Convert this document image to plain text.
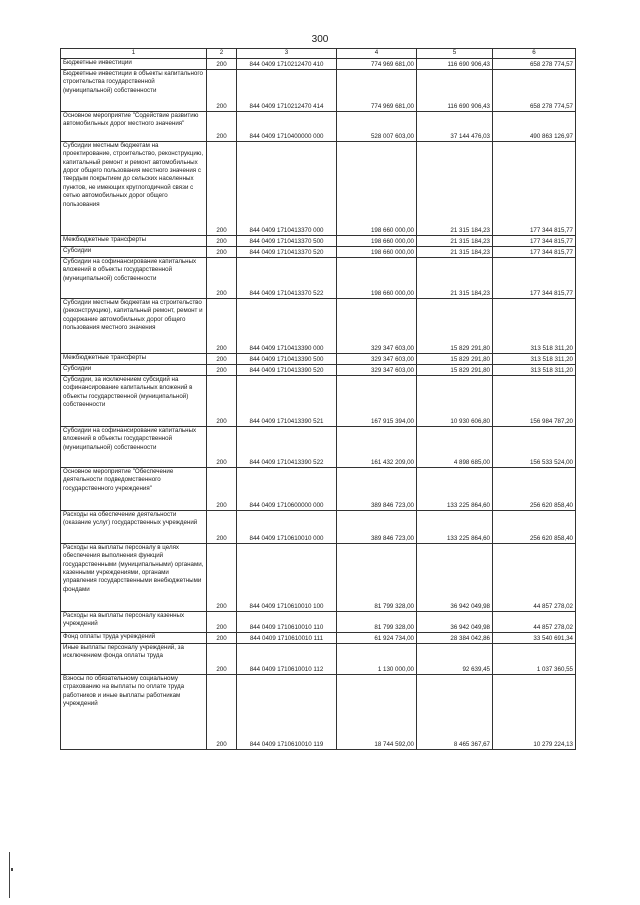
300
1	2	3	4	5	6
Бюджетные инвестиции	200	844 0409 1710212470 410	774 969 681,00	116 690 906,43	658 278 774,57
Бюджетные инвестиции в объекты капитального строительства государственной (муниципальной) собственности	200	844 0409 1710212470 414	774 969 681,00	116 690 906,43	658 278 774,57
Основное мероприятие "Содействие развитию автомобильных дорог местного значения"	200	844 0409 1710400000 000	528 007 603,00	37 144 476,03	490 863 126,97
Субсидии местным бюджетам на проектирование, строительство, реконструкцию, капитальный ремонт и ремонт автомобильных дорог общего пользования местного значения с твердым покрытием до сельских населенных пунктов, не имеющих круглогодичной связи с сетью автомобильных дорог общего пользования	200	844 0409 1710413370 000	198 660 000,00	21 315 184,23	177 344 815,77
Межбюджетные трансферты	200	844 0409 1710413370 500	198 660 000,00	21 315 184,23	177 344 815,77
Субсидии	200	844 0409 1710413370 520	198 660 000,00	21 315 184,23	177 344 815,77
Субсидии на софинансирование капитальных вложений в объекты государственной (муниципальной) собственности	200	844 0409 1710413370 522	198 660 000,00	21 315 184,23	177 344 815,77
Субсидии местным бюджетам на строительство (реконструкцию), капитальный ремонт, ремонт и содержание автомобильных дорог общего пользования местного значения	200	844 0409 1710413390 000	329 347 603,00	15 829 291,80	313 518 311,20
Межбюджетные трансферты	200	844 0409 1710413390 500	329 347 603,00	15 829 291,80	313 518 311,20
Субсидии	200	844 0409 1710413390 520	329 347 603,00	15 829 291,80	313 518 311,20
Субсидии, за исключением субсидий на софинансирование капитальных вложений в объекты государственной (муниципальной) собственности	200	844 0409 1710413390 521	167 915 394,00	10 930 606,80	156 984 787,20
Субсидии на софинансирование капитальных вложений в объекты государственной (муниципальной) собственности	200	844 0409 1710413390 522	161 432 209,00	4 898 685,00	156 533 524,00
Основное мероприятие "Обеспечение деятельности подведомственного государственного учреждения"	200	844 0409 1710600000 000	389 846 723,00	133 225 864,60	256 620 858,40
Расходы на обеспечение деятельности (оказание услуг) государственных учреждений	200	844 0409 1710610010 000	389 846 723,00	133 225 864,60	256 620 858,40
Расходы на выплаты персоналу в целях обеспечения выполнения функций государственными (муниципальными) органами, казенными учреждениями, органами управления государственными внебюджетными фондами	200	844 0409 1710610010 100	81 799 328,00	36 942 049,98	44 857 278,02
Расходы на выплаты персоналу казенных учреждений	200	844 0409 1710610010 110	81 799 328,00	36 942 049,98	44 857 278,02
Фонд оплаты труда учреждений	200	844 0409 1710610010 111	61 924 734,00	28 384 042,86	33 540 691,34
Иные выплаты персоналу учреждений, за исключением фонда оплаты труда	200	844 0409 1710610010 112	1 130 000,00	92 639,45	1 037 360,55
Взносы по обязательному социальному страхованию на выплаты по оплате труда работников и иные выплаты работникам учреждений	200	844 0409 1710610010 119	18 744 592,00	8 465 367,67	10 279 224,13
